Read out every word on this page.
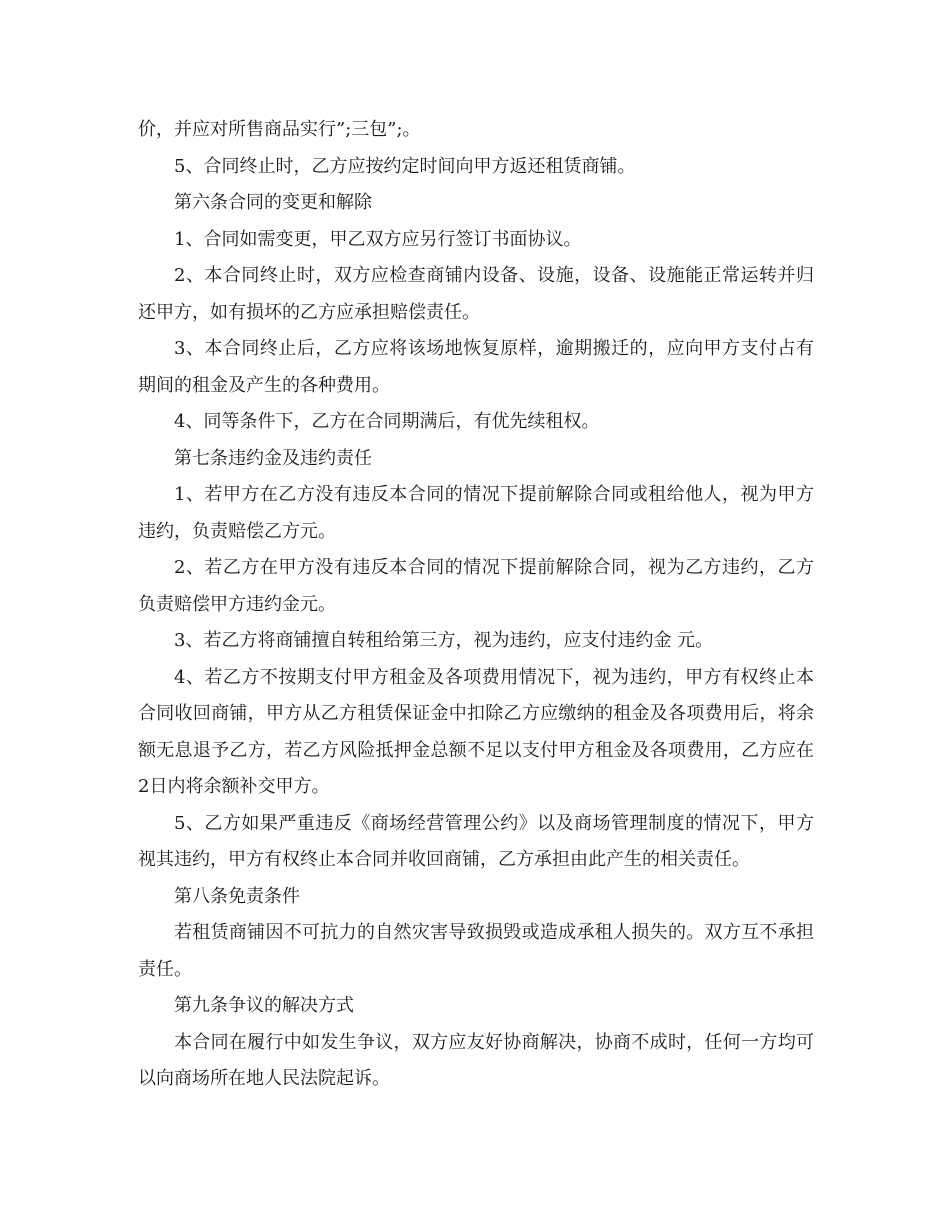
价，并应对所售商品实行”;三包”;。

5、合同终止时，乙方应按约定时间向甲方返还租赁商铺。

第六条合同的变更和解除

1、合同如需变更，甲乙双方应另行签订书面协议。

2、本合同终止时，双方应检查商铺内设备、设施，设备、设施能正常运转并归还甲方，如有损坏的乙方应承担赔偿责任。

3、本合同终止后，乙方应将该场地恢复原样，逾期搬迁的，应向甲方支付占有期间的租金及产生的各种费用。

4、同等条件下，乙方在合同期满后，有优先续租权。

第七条违约金及违约责任

1、若甲方在乙方没有违反本合同的情况下提前解除合同或租给他人，视为甲方违约，负责赔偿乙方元。

2、若乙方在甲方没有违反本合同的情况下提前解除合同，视为乙方违约，乙方负责赔偿甲方违约金元。

3、若乙方将商铺擅自转租给第三方，视为违约，应支付违约金 元。

4、若乙方不按期支付甲方租金及各项费用情况下，视为违约，甲方有权终止本合同收回商铺，甲方从乙方租赁保证金中扣除乙方应缴纳的租金及各项费用后，将余额无息退予乙方，若乙方风险抵押金总额不足以支付甲方租金及各项费用，乙方应在2日内将余额补交甲方。

5、乙方如果严重违反《商场经营管理公约》以及商场管理制度的情况下，甲方视其违约，甲方有权终止本合同并收回商铺，乙方承担由此产生的相关责任。

第八条免责条件

若租赁商铺因不可抗力的自然灾害导致损毁或造成承租人损失的。双方互不承担责任。

第九条争议的解决方式

本合同在履行中如发生争议，双方应友好协商解决，协商不成时，任何一方均可以向商场所在地人民法院起诉。
